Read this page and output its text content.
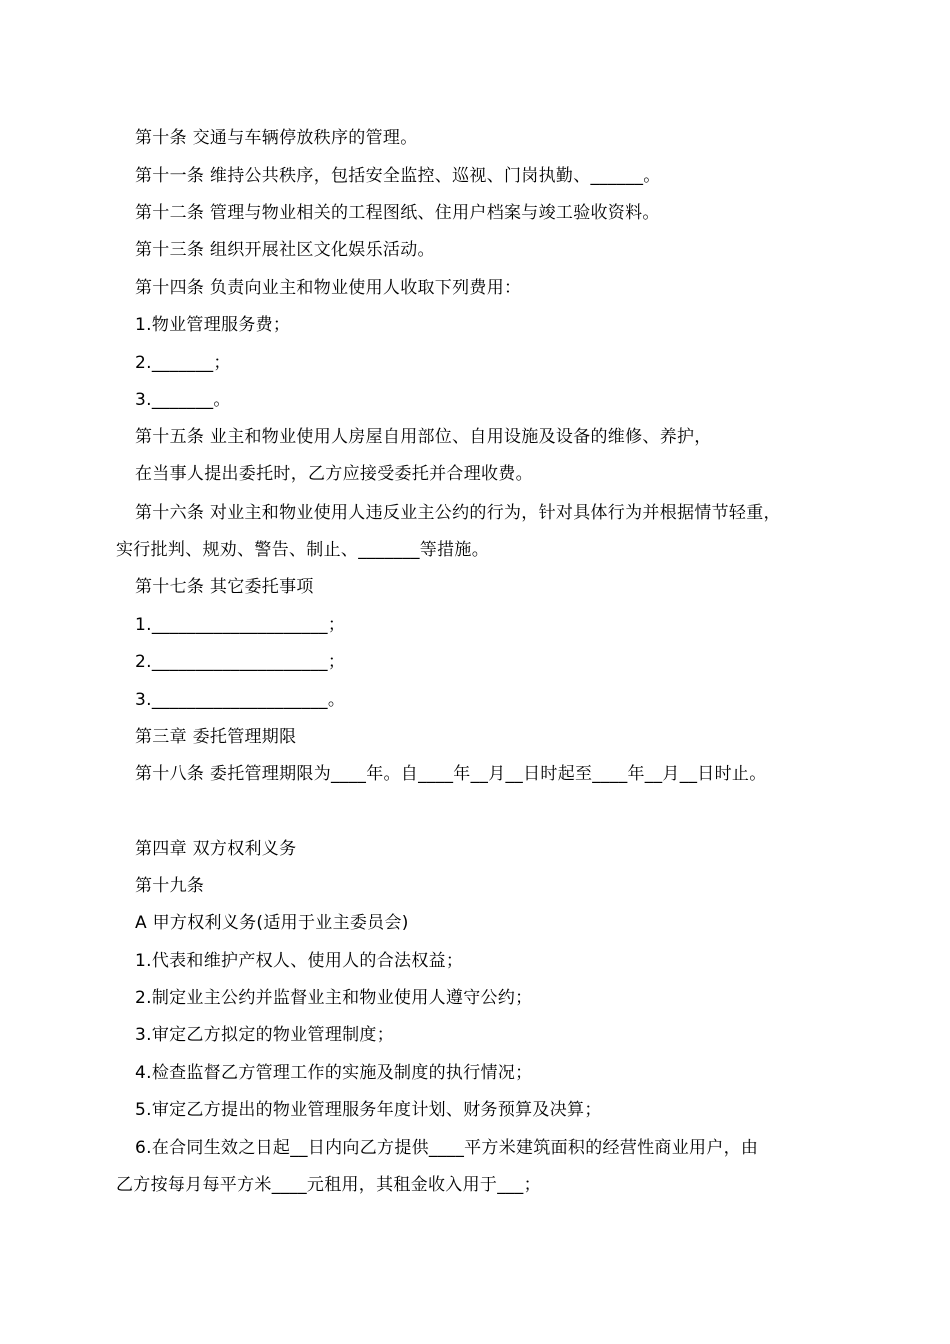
第十条 交通与车辆停放秩序的管理。
第十一条 维持公共秩序，包括安全监控、巡视、门岗执勤、______。
第十二条 管理与物业相关的工程图纸、住用户档案与竣工验收资料。
第十三条 组织开展社区文化娱乐活动。
第十四条 负责向业主和物业使用人收取下列费用：
1.物业管理服务费；
2._______；
3._______。
第十五条 业主和物业使用人房屋自用部位、自用设施及设备的维修、养护，
在当事人提出委托时，乙方应接受委托并合理收费。
第十六条 对业主和物业使用人违反业主公约的行为，针对具体行为并根据情节轻重，
实行批判、规劝、警告、制止、_______等措施。
第十七条 其它委托事项
1.____________________；
2.____________________；
3.____________________。
第三章 委托管理期限
第十八条 委托管理期限为____年。自____年__月__日时起至____年__月__日时止。
第四章 双方权利义务
第十九条
A 甲方权利义务(适用于业主委员会)
1.代表和维护产权人、使用人的合法权益；
2.制定业主公约并监督业主和物业使用人遵守公约；
3.审定乙方拟定的物业管理制度；
4.检查监督乙方管理工作的实施及制度的执行情况；
5.审定乙方提出的物业管理服务年度计划、财务预算及决算；
6.在合同生效之日起__日内向乙方提供____平方米建筑面积的经营性商业用户，由
乙方按每月每平方米____元租用，其租金收入用于___；
